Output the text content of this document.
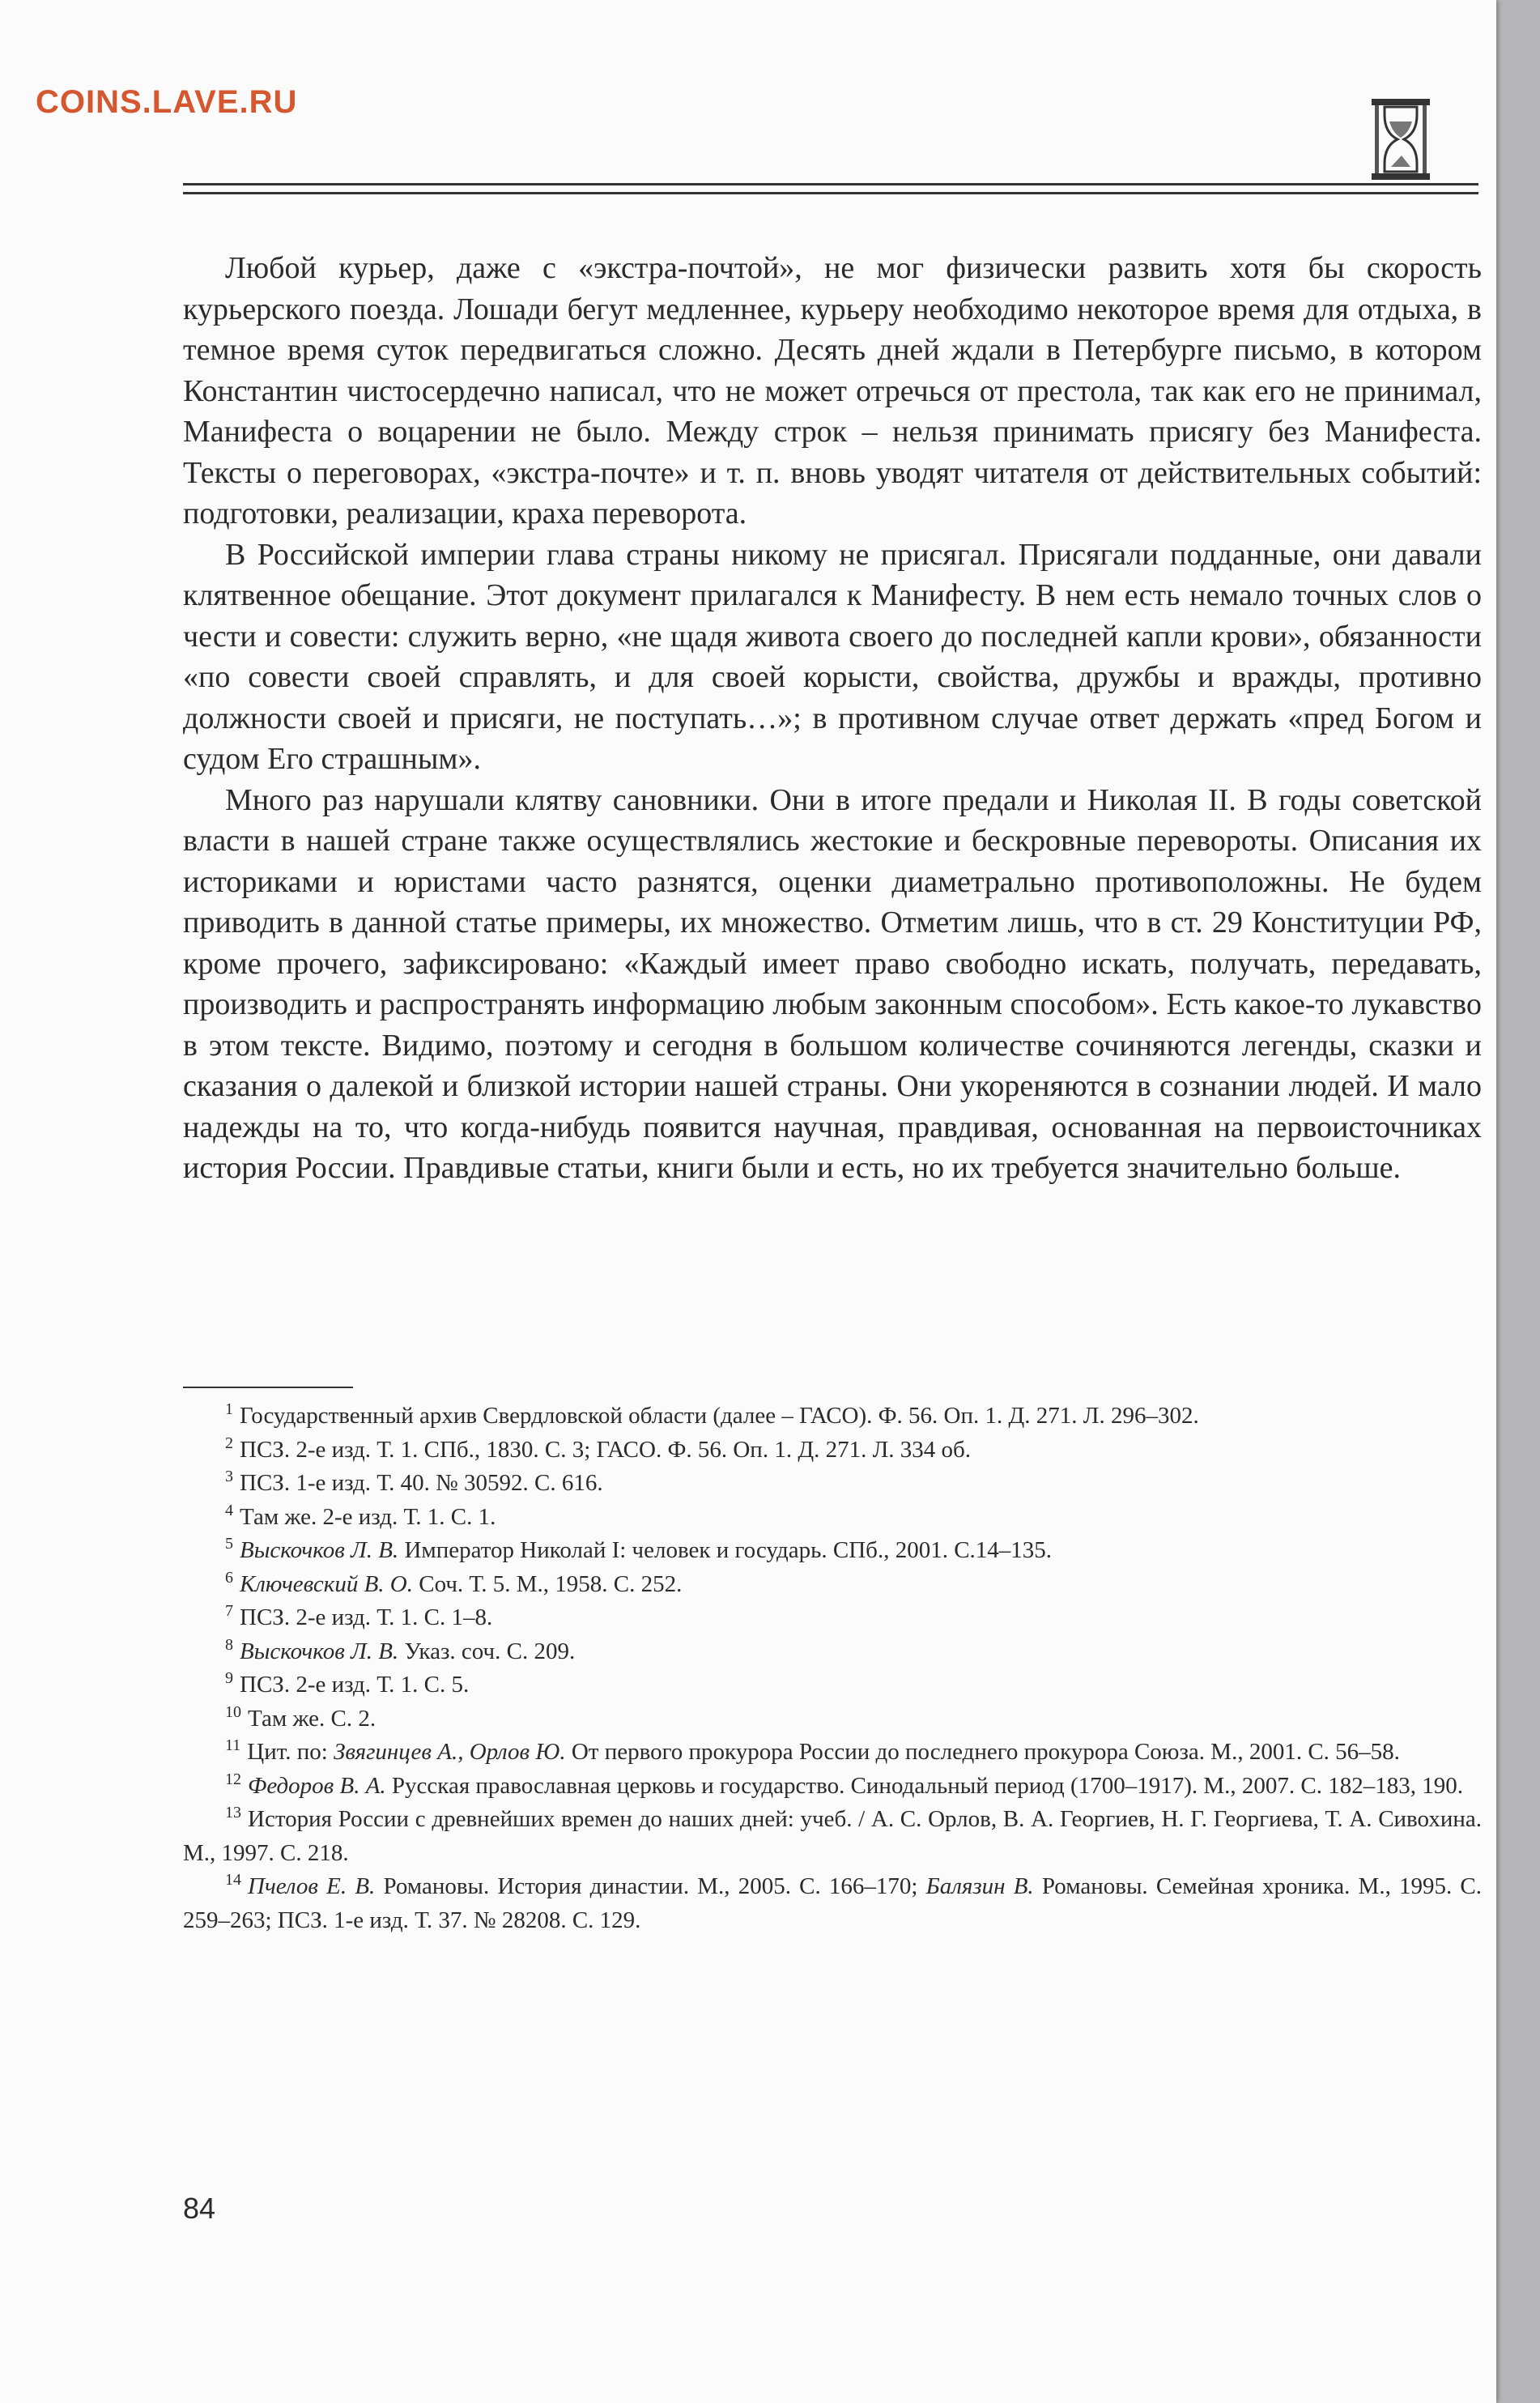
COINS.LAVE.RU

Любой курьер, даже с «экстра-почтой», не мог физически развить хотя бы скорость курьерского поезда. Лошади бегут медленнее, курьеру необходимо некоторое время для отдыха, в темное время суток передвигаться сложно. Десять дней ждали в Петербурге письмо, в котором Константин чистосердечно написал, что не может отречься от престола, так как его не принимал, Манифеста о воцарении не было. Между строк – нельзя принимать присягу без Манифеста. Тексты о переговорах, «экстра-почте» и т. п. вновь уводят читателя от действительных событий: подготовки, реализации, краха переворота.

В Российской империи глава страны никому не присягал. Присягали подданные, они давали клятвенное обещание. Этот документ прилагался к Манифесту. В нем есть немало точных слов о чести и совести: служить верно, «не щадя живота своего до последней капли крови», обязанности «по совести своей справлять, и для своей корысти, свойства, дружбы и вражды, противно должности своей и присяги, не поступать…»; в противном случае ответ держать «пред Богом и судом Его страшным».

Много раз нарушали клятву сановники. Они в итоге предали и Николая II. В годы советской власти в нашей стране также осуществлялись жестокие и бескровные перевороты. Описания их историками и юристами часто разнятся, оценки диаметрально противоположны. Не будем приводить в данной статье примеры, их множество. Отметим лишь, что в ст. 29 Конституции РФ, кроме прочего, зафиксировано: «Каждый имеет право свободно искать, получать, передавать, производить и распространять информацию любым законным способом». Есть какое-то лукавство в этом тексте. Видимо, поэтому и сегодня в большом количестве сочиняются легенды, сказки и сказания о далекой и близкой истории нашей страны. Они укореняются в сознании людей. И мало надежды на то, что когда-нибудь появится научная, правдивая, основанная на первоисточниках история России. Правдивые статьи, книги были и есть, но их требуется значительно больше.

$^1$ Государственный архив Свердловской области (далее – ГАСО). Ф. 56. Оп. 1. Д. 271. Л. 296–302.

$^2$ ПСЗ. 2-е изд. Т. 1. СПб., 1830. С. 3; ГАСО. Ф. 56. Оп. 1. Д. 271. Л. 334 об.

$^3$ ПСЗ. 1-е изд. Т. 40. № 30592. С. 616.

$^4$ Там же. 2-е изд. Т. 1. С. 1.

$^5$ Выскочков Л. В. Император Николай I: человек и государь. СПб., 2001. С.14–135.

$^6$ Ключевский В. О. Соч. Т. 5. М., 1958. С. 252.

$^7$ ПСЗ. 2-е изд. Т. 1. С. 1–8.

$^8$ Выскочков Л. В. Указ. соч. С. 209.

$^9$ ПСЗ. 2-е изд. Т. 1. С. 5.

$^{10}$ Там же. С. 2.

$^{11}$ Цит. по: Звягинцев А., Орлов Ю. От первого прокурора России до последнего прокурора Союза. М., 2001. С. 56–58.

$^{12}$ Федоров В. А. Русская православная церковь и государство. Синодальный период (1700–1917). М., 2007. С. 182–183, 190.

$^{13}$ История России с древнейших времен до наших дней: учеб. / А. С. Орлов, В. А. Георгиев, Н. Г. Георгиева, Т. А. Сивохина. М., 1997. С. 218.

$^{14}$ Пчелов Е. В. Романовы. История династии. М., 2005. С. 166–170; Балязин В. Романовы. Семейная хроника. М., 1995. С. 259–263; ПСЗ. 1-е изд. Т. 37. № 28208. С. 129.

84
